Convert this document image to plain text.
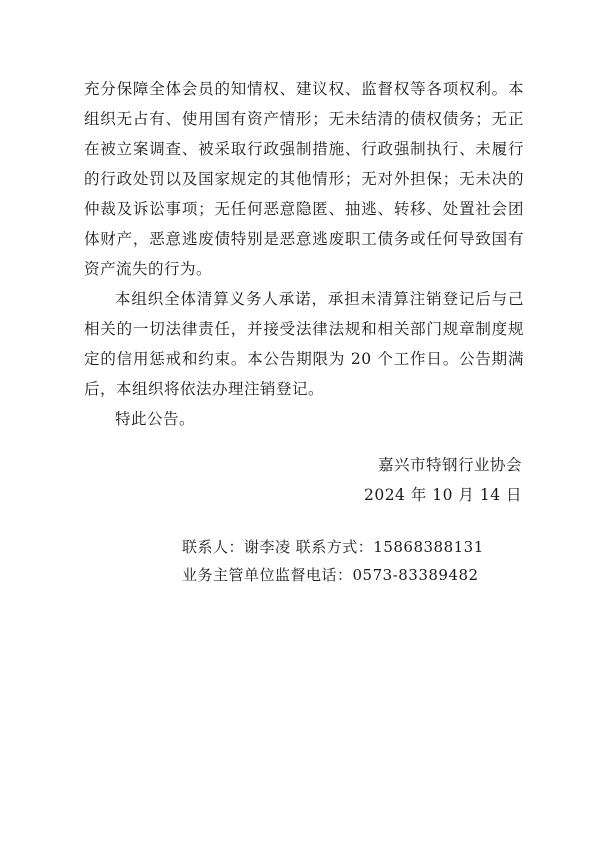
充分保障全体会员的知情权、建议权、监督权等各项权利。本组织无占有、使用国有资产情形；无未结清的债权债务；无正在被立案调查、被采取行政强制措施、行政强制执行、未履行的行政处罚以及国家规定的其他情形；无对外担保；无未决的仲裁及诉讼事项；无任何恶意隐匿、抽逃、转移、处置社会团体财产，恶意逃废债特别是恶意逃废职工债务或任何导致国有资产流失的行为。

本组织全体清算义务人承诺，承担未清算注销登记后与己相关的一切法律责任，并接受法律法规和相关部门规章制度规定的信用惩戒和约束。本公告期限为 20 个工作日。公告期满后，本组织将依法办理注销登记。

特此公告。

嘉兴市特钢行业协会
2024 年 10 月 14 日
联系人：谢李凌 联系方式：15868388131
业务主管单位监督电话：0573-83389482
